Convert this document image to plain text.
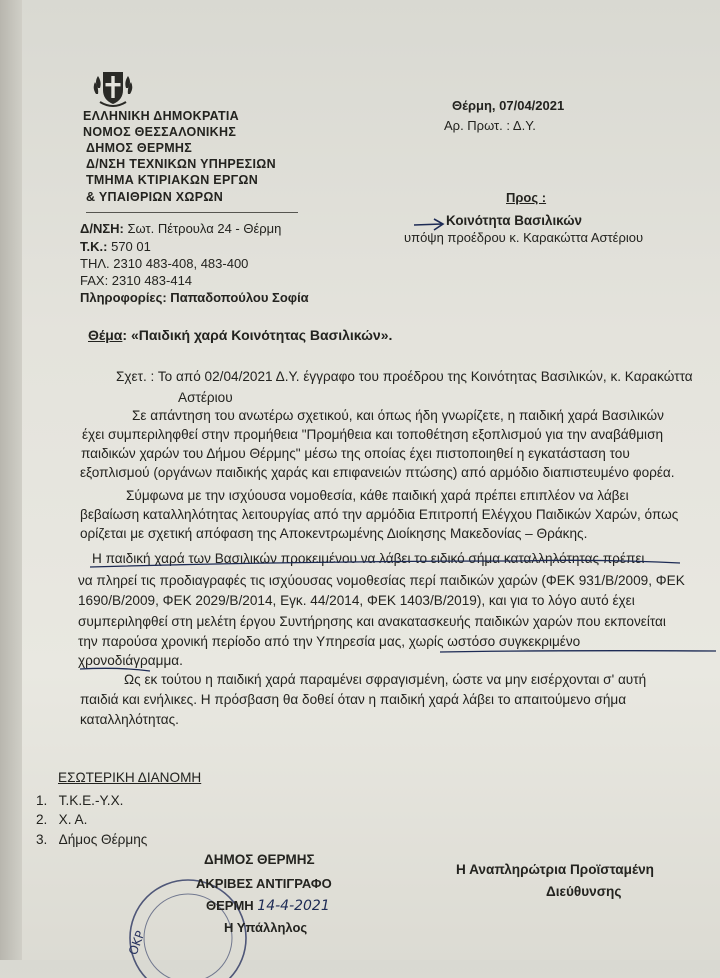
ΕΛΛΗΝΙΚΗ ΔΗΜΟΚΡΑΤΙΑ
ΝΟΜΟΣ ΘΕΣΣΑΛΟΝΙΚΗΣ
ΔΗΜΟΣ ΘΕΡΜΗΣ
Δ/ΝΣΗ ΤΕΧΝΙΚΩΝ ΥΠΗΡΕΣΙΩΝ
ΤΜΗΜΑ ΚΤΙΡΙΑΚΩΝ ΕΡΓΩΝ
& ΥΠΑΙΘΡΙΩΝ ΧΩΡΩΝ
Θέρμη, 07/04/2021
Αρ. Πρωτ. : Δ.Υ.
Δ/ΝΣΗ: Σωτ. Πέτρουλα 24 - Θέρμη
Τ.Κ.: 570 01
ΤΗΛ. 2310 483-408, 483-400
FAX: 2310 483-414
Πληροφορίες: Παπαδοπούλου Σοφία
Προς :
Κοινότητα Βασιλικών
υπόψη προέδρου κ. Καρακώττα Αστέριου
Θέμα: «Παιδική χαρά Κοινότητας Βασιλικών».
Σχετ. : Το από 02/04/2021 Δ.Υ. έγγραφο του προέδρου της Κοινότητας Βασιλικών, κ. Καρακώττα
Αστέριου
Σε απάντηση του ανωτέρω σχετικού, και όπως ήδη γνωρίζετε, η παιδική χαρά Βασιλικών
έχει συμπεριληφθεί στην προμήθεια "Προμήθεια και τοποθέτηση εξοπλισμού για την αναβάθμιση
παιδικών χαρών του Δήμου Θέρμης" μέσω της οποίας έχει πιστοποιηθεί η εγκατάσταση του
εξοπλισμού (οργάνων παιδικής χαράς και επιφανειών πτώσης) από αρμόδιο διαπιστευμένο φορέα.
Σύμφωνα με την ισχύουσα νομοθεσία, κάθε παιδική χαρά πρέπει επιπλέον να λάβει
βεβαίωση καταλληλότητας λειτουργίας από την αρμόδια Επιτροπή Ελέγχου Παιδικών Χαρών, όπως
ορίζεται με σχετική απόφαση της Αποκεντρωμένης Διοίκησης Μακεδονίας – Θράκης.
Η παιδική χαρά των Βασιλικών προκειμένου να λάβει το ειδικό σήμα καταλληλότητας πρέπει
να πληρεί τις προδιαγραφές τις ισχύουσας νομοθεσίας περί παιδικών χαρών (ΦΕΚ 931/Β/2009, ΦΕΚ
1690/Β/2009, ΦΕΚ 2029/Β/2014, Εγκ. 44/2014, ΦΕΚ 1403/Β/2019), και για το λόγο αυτό έχει
συμπεριληφθεί στη μελέτη έργου Συντήρησης και ανακατασκευής παιδικών χαρών που εκπονείται
την παρούσα χρονική περίοδο από την Υπηρεσία μας, χωρίς ωστόσο συγκεκριμένο
χρονοδιάγραμμα.
Ως εκ τούτου η παιδική χαρά παραμένει σφραγισμένη, ώστε να μην εισέρχονται σ' αυτή
παιδιά και ενήλικες. Η πρόσβαση θα δοθεί όταν η παιδική χαρά λάβει το απαιτούμενο σήμα
καταλληλότητας.
ΕΣΩΤΕΡΙΚΗ ΔΙΑΝΟΜΗ
1.   Τ.Κ.Ε.-Υ.Χ.
2.   Χ. Α.
3.   Δήμος Θέρμης
ΟΚΡ
ΔΗΜΟΣ ΘΕΡΜΗΣ
ΑΚΡΙΒΕΣ ΑΝΤΙΓΡΑΦΟ
ΘΕΡΜΗ 14-4-2021
Η Υπάλληλος
Η Αναπληρώτρια Προϊσταμένη
Διεύθυνσης
